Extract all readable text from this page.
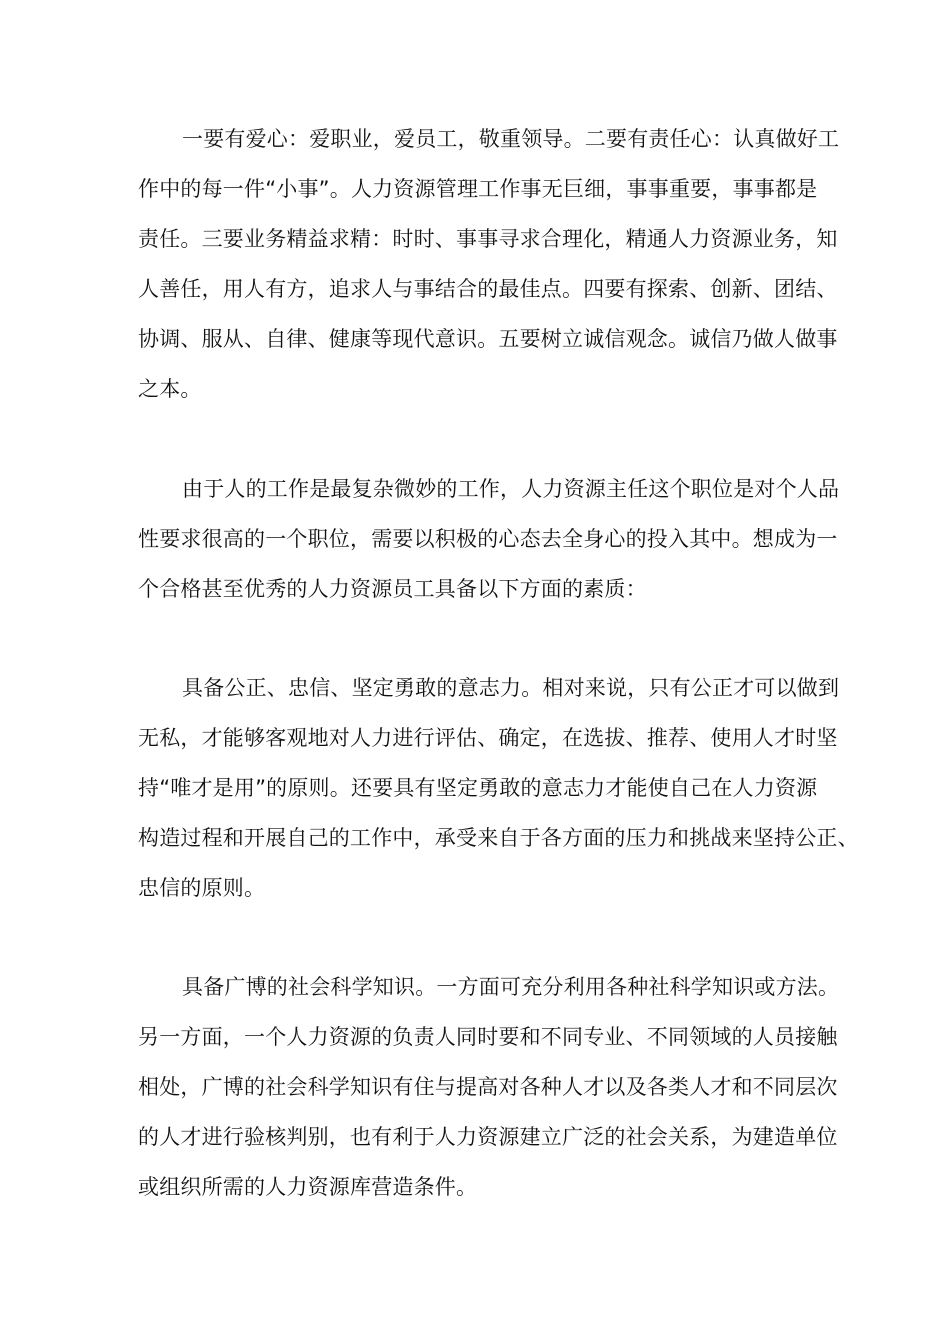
一要有爱心：爱职业，爱员工，敬重领导。二要有责任心：认真做好工
作中的每一件“小事”。人力资源管理工作事无巨细，事事重要，事事都是
责任。三要业务精益求精：时时、事事寻求合理化，精通人力资源业务，知
人善任，用人有方，追求人与事结合的最佳点。四要有探索、创新、团结、
协调、服从、自律、健康等现代意识。五要树立诚信观念。诚信乃做人做事
之本。

由于人的工作是最复杂微妙的工作，人力资源主任这个职位是对个人品
性要求很高的一个职位，需要以积极的心态去全身心的投入其中。想成为一
个合格甚至优秀的人力资源员工具备以下方面的素质：

具备公正、忠信、坚定勇敢的意志力。相对来说，只有公正才可以做到
无私，才能够客观地对人力进行评估、确定，在选拔、推荐、使用人才时坚
持“唯才是用”的原则。还要具有坚定勇敢的意志力才能使自己在人力资源
构造过程和开展自己的工作中，承受来自于各方面的压力和挑战来坚持公正、
忠信的原则。

具备广博的社会科学知识。一方面可充分利用各种社科学知识或方法。
另一方面，一个人力资源的负责人同时要和不同专业、不同领域的人员接触
相处，广博的社会科学知识有住与提高对各种人才以及各类人才和不同层次
的人才进行验核判别，也有利于人力资源建立广泛的社会关系，为建造单位
或组织所需的人力资源库营造条件。
